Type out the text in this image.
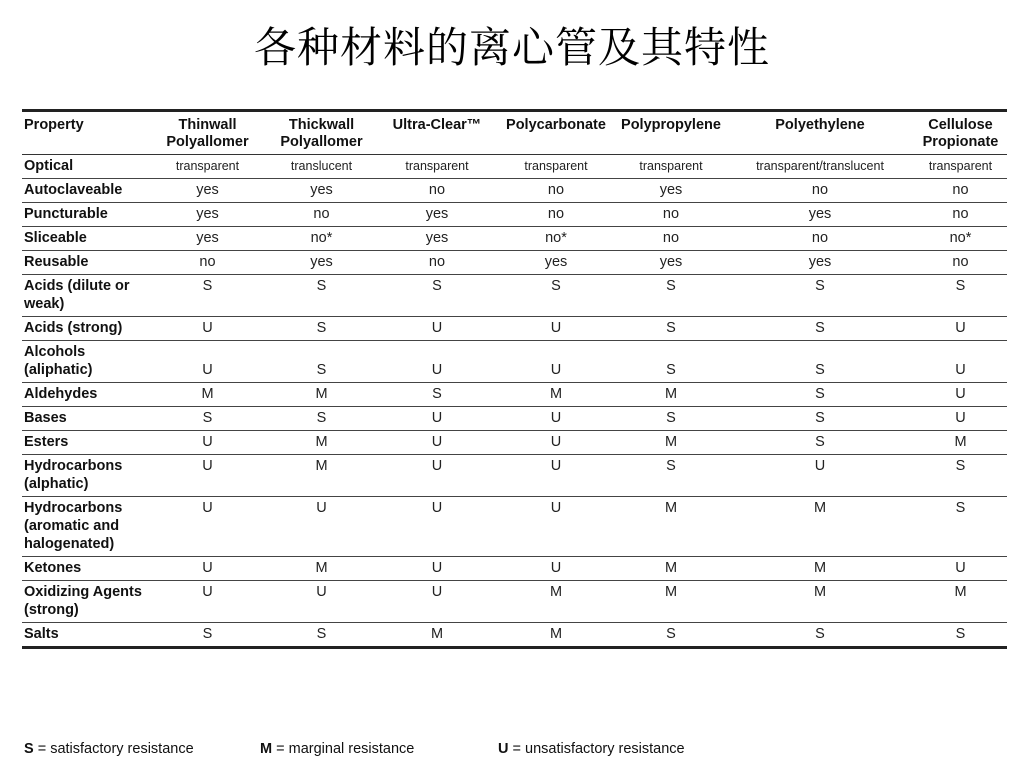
各种材料的离心管及其特性
Property	Thinwall Polyallomer	Thickwall Polyallomer	Ultra-Clear™	Polycarbonate	Polypropylene	Polyethylene	Cellulose Propionate
Optical	transparent	translucent	transparent	transparent	transparent	transparent/translucent	transparent
Autoclaveable	yes	yes	no	no	yes	no	no
Puncturable	yes	no	yes	no	no	yes	no
Sliceable	yes	no*	yes	no*	no	no	no*
Reusable	no	yes	no	yes	yes	yes	no
Acids (dilute or weak)	S	S	S	S	S	S	S
Acids (strong)	U	S	U	U	S	S	U
Alcohols (aliphatic)	U	S	U	U	S	S	U
Aldehydes	M	M	S	M	M	S	U
Bases	S	S	U	U	S	S	U
Esters	U	M	U	U	M	S	M
Hydrocarbons (alphatic)	U	M	U	U	S	U	S
Hydrocarbons (aromatic and halogenated)	U	U	U	U	M	M	S
Ketones	U	M	U	U	M	M	U
Oxidizing Agents (strong)	U	U	U	M	M	M	M
Salts	S	S	M	M	S	S	S
S = satisfactory resistance	M = marginal resistance	U = unsatisfactory resistance
